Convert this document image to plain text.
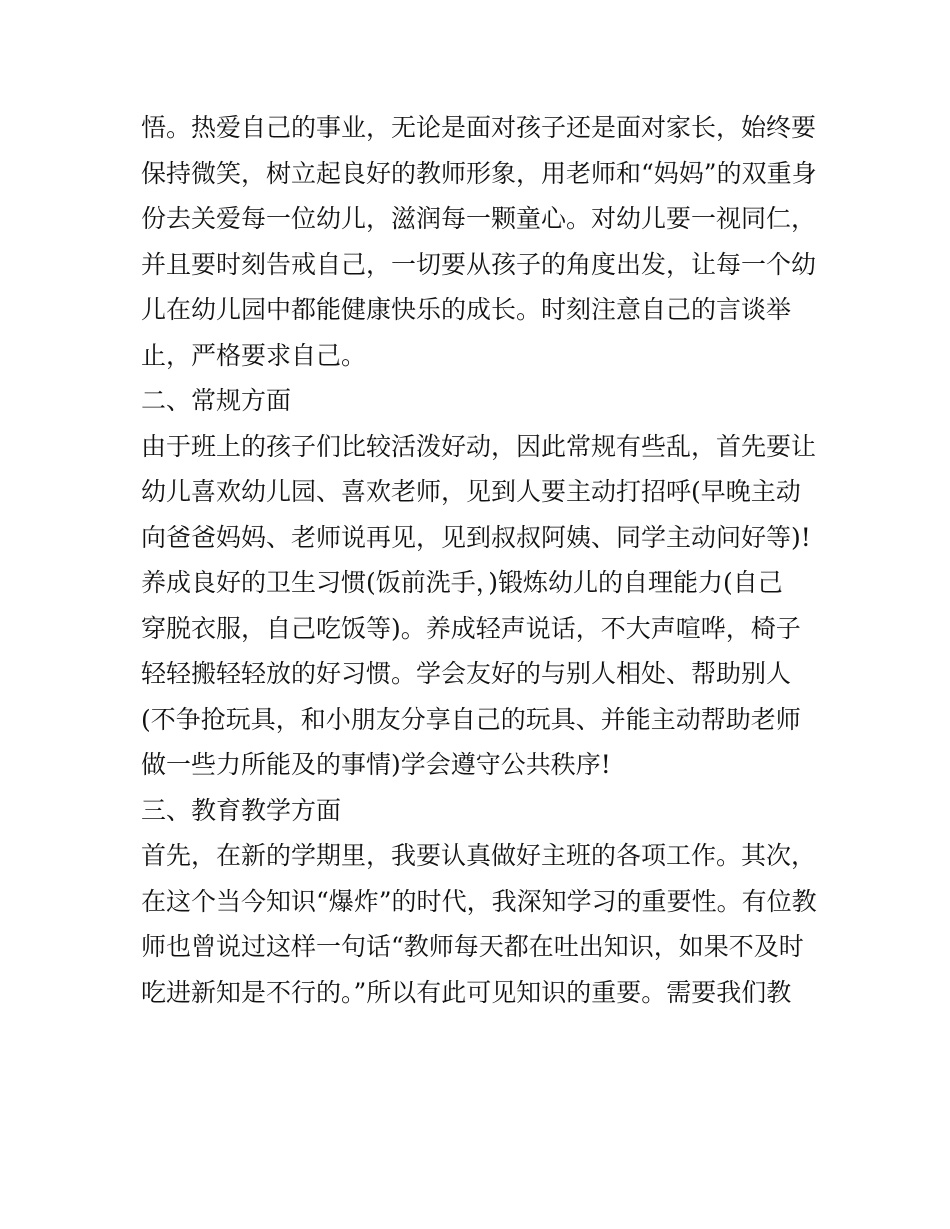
悟。热爱自己的事业，无论是面对孩子还是面对家长，始终要
保持微笑，树立起良好的教师形象，用老师和“妈妈”的双重身
份去关爱每一位幼儿，滋润每一颗童心。对幼儿要一视同仁，
并且要时刻告戒自己，一切要从孩子的角度出发，让每一个幼
儿在幼儿园中都能健康快乐的成长。时刻注意自己的言谈举
止，严格要求自己。
二、常规方面
由于班上的孩子们比较活泼好动，因此常规有些乱，首先要让
幼儿喜欢幼儿园、喜欢老师，见到人要主动打招呼(早晚主动
向爸爸妈妈、老师说再见，见到叔叔阿姨、同学主动问好等)!
养成良好的卫生习惯(饭前洗手，)锻炼幼儿的自理能力(自己
穿脱衣服，自己吃饭等)。养成轻声说话，不大声喧哗，椅子
轻轻搬轻轻放的好习惯。学会友好的与别人相处、帮助别人
(不争抢玩具，和小朋友分享自己的玩具、并能主动帮助老师
做一些力所能及的事情)学会遵守公共秩序!
三、教育教学方面
首先，在新的学期里，我要认真做好主班的各项工作。其次，
在这个当今知识“爆炸”的时代，我深知学习的重要性。有位教
师也曾说过这样一句话“教师每天都在吐出知识，如果不及时
吃进新知是不行的。”所以有此可见知识的重要。需要我们教
